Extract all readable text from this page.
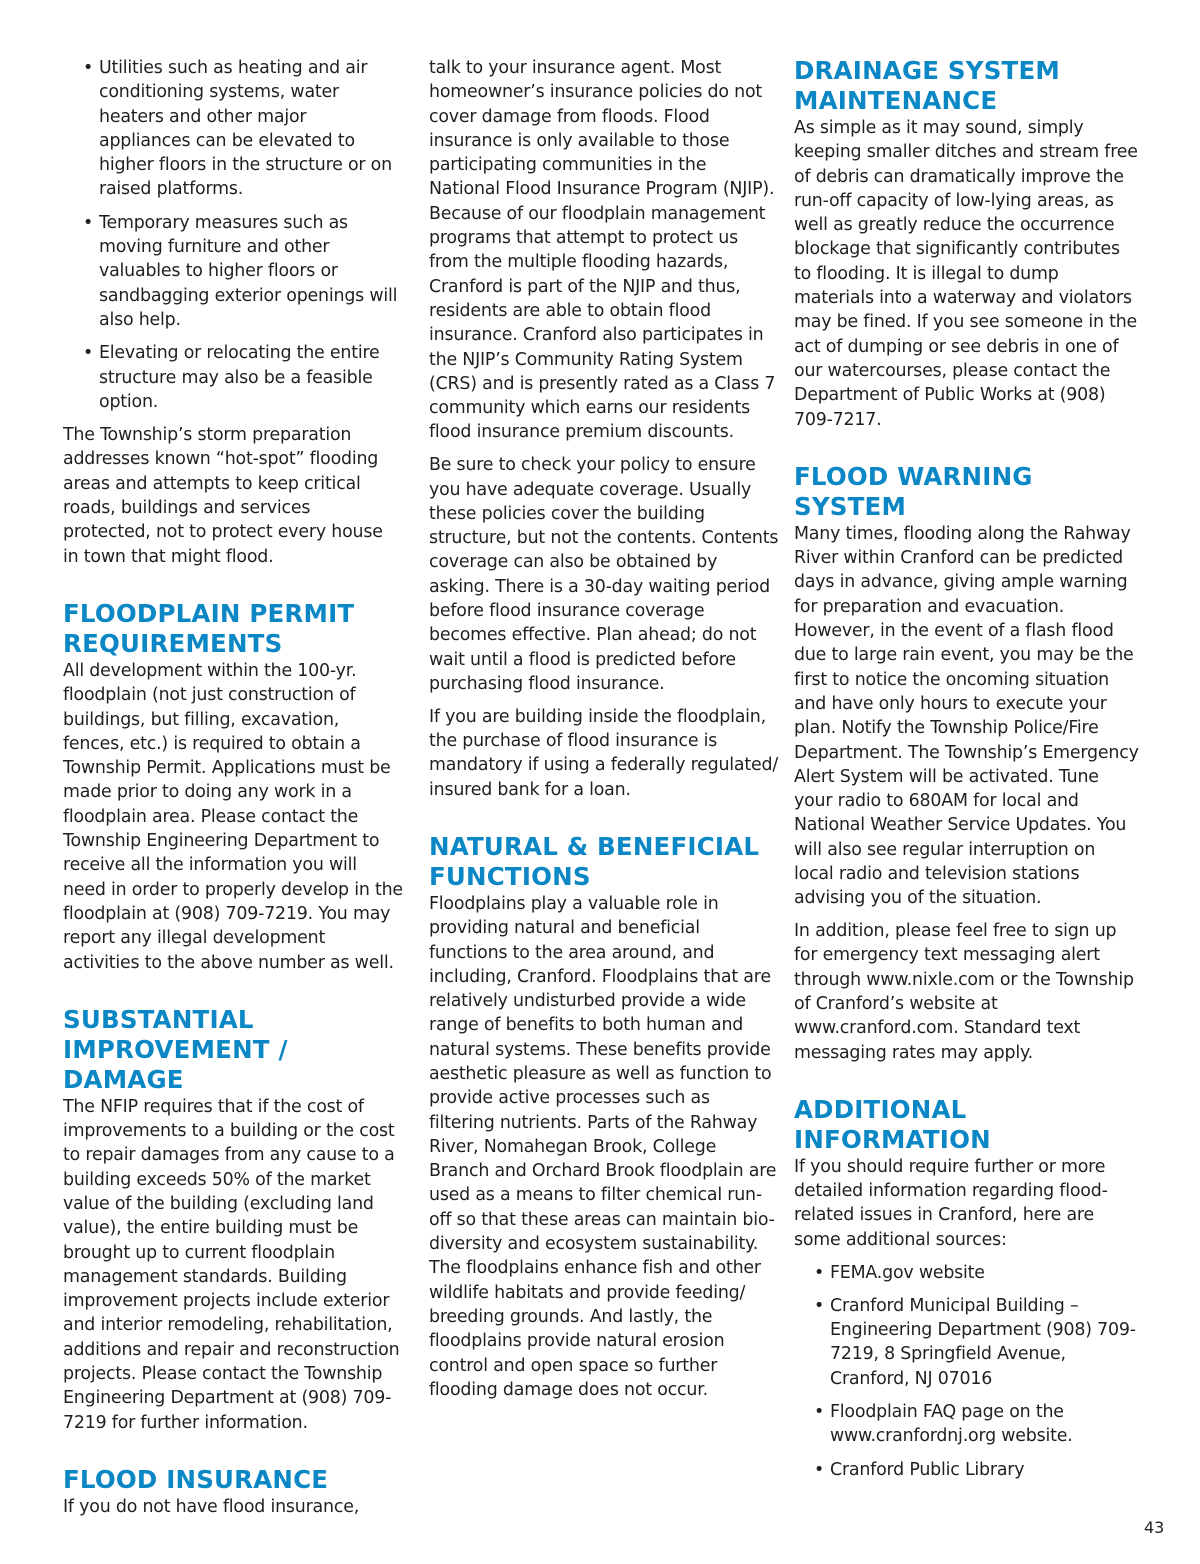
• Utilities such as heating and air conditioning systems, water heaters and other major appliances can be elevated to higher floors in the structure or on raised platforms.
• Temporary measures such as moving furniture and other valuables to higher floors or sandbagging exterior openings will also help.
• Elevating or relocating the entire structure may also be a feasible option.

The Township’s storm preparation addresses known “hot-spot” flooding areas and attempts to keep critical roads, buildings and services protected, not to protect every house in town that might flood.

FLOODPLAIN PERMIT REQUIREMENTS

All development within the 100-yr. floodplain (not just construction of buildings, but filling, excavation, fences, etc.) is required to obtain a Township Permit. Applications must be made prior to doing any work in a floodplain area. Please contact the Township Engineering Department to receive all the information you will need in order to properly develop in the floodplain at (908) 709-7219. You may report any illegal development activities to the above number as well.

SUBSTANTIAL IMPROVEMENT / DAMAGE

The NFIP requires that if the cost of improvements to a building or the cost to repair damages from any cause to a building exceeds 50% of the market value of the building (excluding land value), the entire building must be brought up to current floodplain management standards. Building improvement projects include exterior and interior remodeling, rehabilitation, additions and repair and reconstruction projects. Please contact the Township Engineering Department at (908) 709-7219 for further information.

FLOOD INSURANCE

If you do not have flood insurance,

talk to your insurance agent. Most homeowner’s insurance policies do not cover damage from floods. Flood insurance is only available to those participating communities in the National Flood Insurance Program (NJIP). Because of our floodplain management programs that attempt to protect us from the multiple flooding hazards, Cranford is part of the NJIP and thus, residents are able to obtain flood insurance. Cranford also participates in the NJIP’s Community Rating System (CRS) and is presently rated as a Class 7 community which earns our residents flood insurance premium discounts.

Be sure to check your policy to ensure you have adequate coverage. Usually these policies cover the building structure, but not the contents. Contents coverage can also be obtained by asking. There is a 30-day waiting period before flood insurance coverage becomes effective. Plan ahead; do not wait until a flood is predicted before purchasing flood insurance.

If you are building inside the floodplain, the purchase of flood insurance is mandatory if using a federally regulated/ insured bank for a loan.

NATURAL & BENEFICIAL FUNCTIONS

Floodplains play a valuable role in providing natural and beneficial functions to the area around, and including, Cranford. Floodplains that are relatively undisturbed provide a wide range of benefits to both human and natural systems. These benefits provide aesthetic pleasure as well as function to provide active processes such as filtering nutrients. Parts of the Rahway River, Nomahegan Brook, College Branch and Orchard Brook floodplain are used as a means to filter chemical run-off so that these areas can maintain bio-diversity and ecosystem sustainability. The floodplains enhance fish and other wildlife habitats and provide feeding/ breeding grounds. And lastly, the floodplains provide natural erosion control and open space so further flooding damage does not occur.

DRAINAGE SYSTEM MAINTENANCE

As simple as it may sound, simply keeping smaller ditches and stream free of debris can dramatically improve the run-off capacity of low-lying areas, as well as greatly reduce the occurrence blockage that significantly contributes to flooding. It is illegal to dump materials into a waterway and violators may be fined. If you see someone in the act of dumping or see debris in one of our watercourses, please contact the Department of Public Works at (908) 709-7217.

FLOOD WARNING SYSTEM

Many times, flooding along the Rahway River within Cranford can be predicted days in advance, giving ample warning for preparation and evacuation. However, in the event of a flash flood due to large rain event, you may be the first to notice the oncoming situation and have only hours to execute your plan. Notify the Township Police/Fire Department. The Township’s Emergency Alert System will be activated. Tune your radio to 680AM for local and National Weather Service Updates. You will also see regular interruption on local radio and television stations advising you of the situation.

In addition, please feel free to sign up for emergency text messaging alert through www.nixle.com or the Township of Cranford’s website at www.cranford.com. Standard text messaging rates may apply.

ADDITIONAL INFORMATION

If you should require further or more detailed information regarding flood-related issues in Cranford, here are some additional sources:

• FEMA.gov website
• Cranford Municipal Building – Engineering Department (908) 709-7219, 8 Springfield Avenue, Cranford, NJ 07016
• Floodplain FAQ page on the www.cranfordnj.org website.
• Cranford Public Library
43
